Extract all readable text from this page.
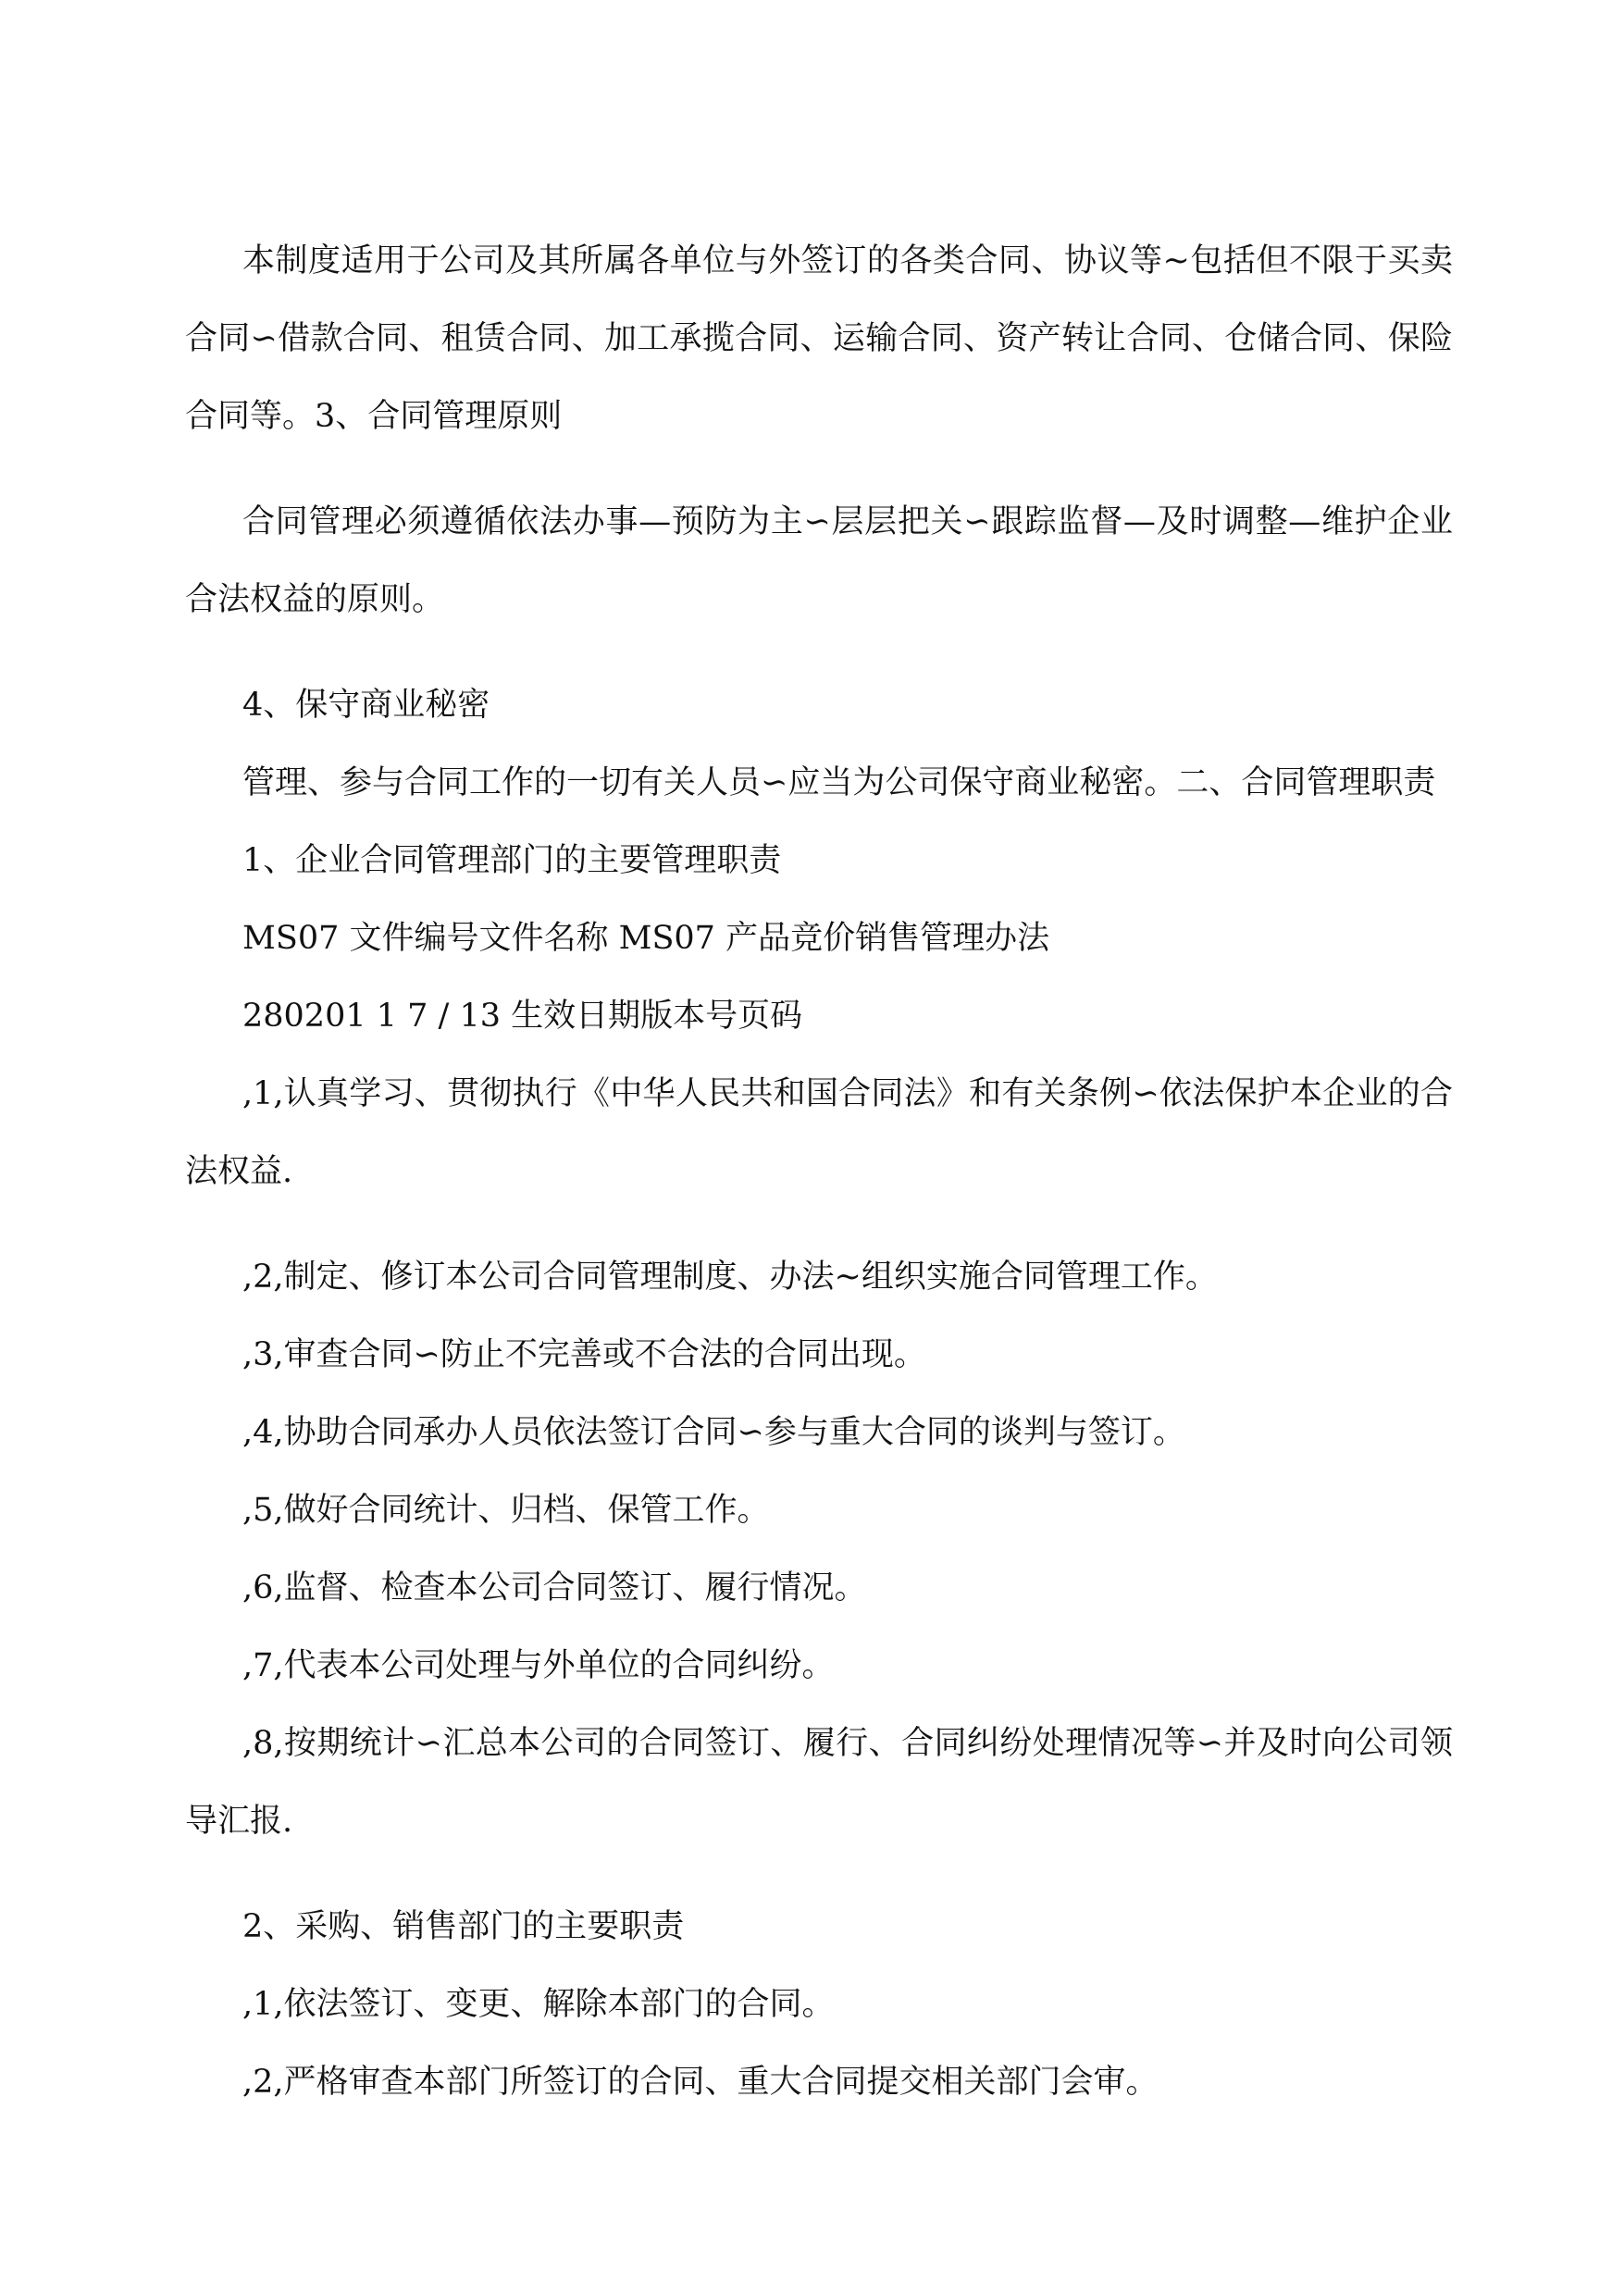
本制度适用于公司及其所属各单位与外签订的各类合同、协议等~包括但不限于买卖合同∽借款合同、租赁合同、加工承揽合同、运输合同、资产转让合同、仓储合同、保险合同等。3、合同管理原则

合同管理必须遵循依法办事—预防为主∽层层把关∽跟踪监督—及时调整—维护企业合法权益的原则。

4、保守商业秘密

管理、参与合同工作的一切有关人员∽应当为公司保守商业秘密。二、合同管理职责

1、企业合同管理部门的主要管理职责

MS07 文件编号文件名称 MS07 产品竞价销售管理办法

280201 1 7 / 13 生效日期版本号页码

,1,认真学习、贯彻执行《中华人民共和国合同法》和有关条例∽依法保护本企业的合法权益.

,2,制定、修订本公司合同管理制度、办法~组织实施合同管理工作。

,3,审查合同∽防止不完善或不合法的合同出现。

,4,协助合同承办人员依法签订合同∽参与重大合同的谈判与签订。

,5,做好合同统计、归档、保管工作。

,6,监督、检查本公司合同签订、履行情况。

,7,代表本公司处理与外单位的合同纠纷。

,8,按期统计∽汇总本公司的合同签订、履行、合同纠纷处理情况等∽并及时向公司领导汇报.

2、采购、销售部门的主要职责

,1,依法签订、变更、解除本部门的合同。

,2,严格审查本部门所签订的合同、重大合同提交相关部门会审。
